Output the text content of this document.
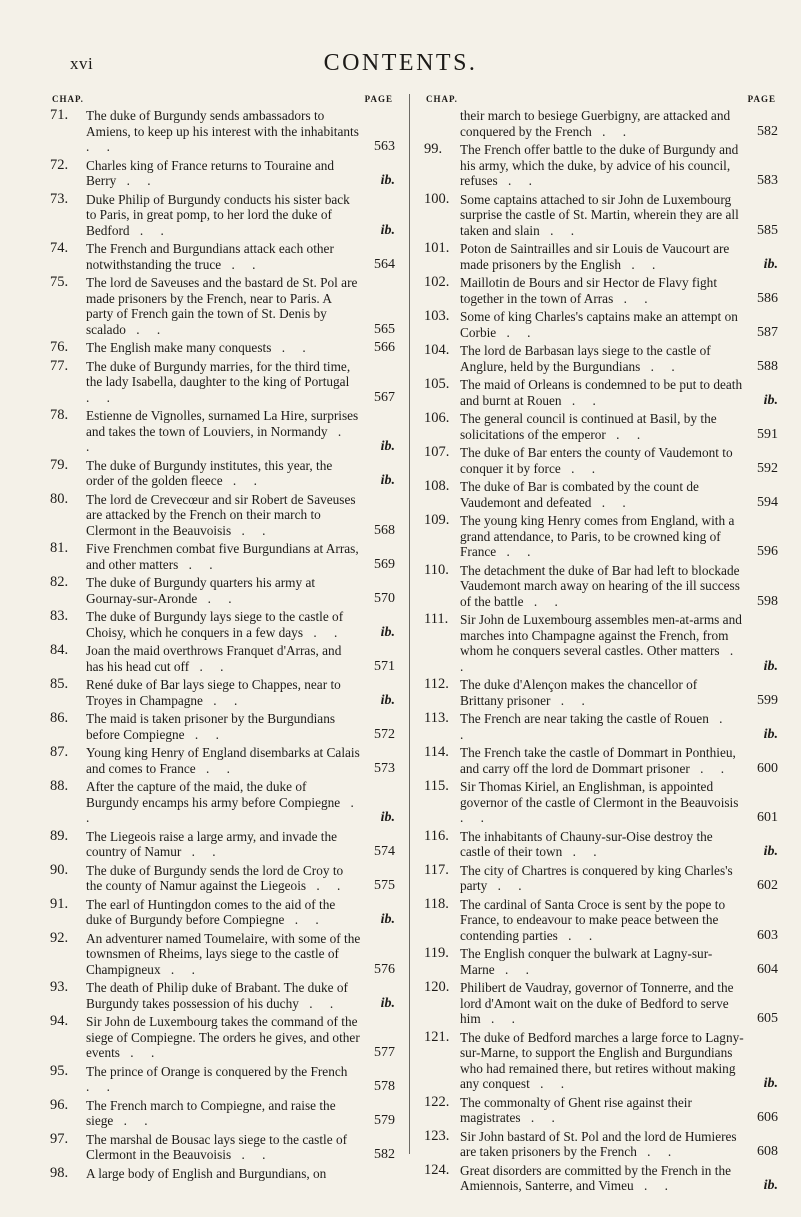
xvi	CONTENTS.
CHAP.	PAGE
71.	The duke of Burgundy sends ambassadors to Amiens, to keep up his interest with the inhabitants . .	563
72.	Charles king of France returns to Touraine and Berry . .	ib.
73.	Duke Philip of Burgundy conducts his sister back to Paris, in great pomp, to her lord the duke of Bedford . .	ib.
74.	The French and Burgundians attack each other notwithstanding the truce . .	564
75.	The lord de Saveuses and the bastard de St. Pol are made prisoners by the French, near to Paris. A party of French gain the town of St. Denis by scalado . .	565
76.	The English make many conquests . .	566
77.	The duke of Burgundy marries, for the third time, the lady Isabella, daughter to the king of Portugal . .	567
78.	Estienne de Vignolles, surnamed La Hire, surprises and takes the town of Louviers, in Normandy . .	ib.
79.	The duke of Burgundy institutes, this year, the order of the golden fleece . .	ib.
80.	The lord de Crevecœur and sir Robert de Saveuses are attacked by the French on their march to Clermont in the Beauvoisis . .	568
81.	Five Frenchmen combat five Burgundians at Arras, and other matters . .	569
82.	The duke of Burgundy quarters his army at Gournay-sur-Aronde . .	570
83.	The duke of Burgundy lays siege to the castle of Choisy, which he conquers in a few days . .	ib.
84.	Joan the maid overthrows Franquet d'Arras, and has his head cut off . .	571
85.	René duke of Bar lays siege to Chappes, near to Troyes in Champagne . .	ib.
86.	The maid is taken prisoner by the Burgundians before Compiegne . .	572
87.	Young king Henry of England disembarks at Calais and comes to France . .	573
88.	After the capture of the maid, the duke of Burgundy encamps his army before Compiegne . .	ib.
89.	The Liegeois raise a large army, and invade the country of Namur . .	574
90.	The duke of Burgundy sends the lord de Croy to the county of Namur against the Liegeois . .	575
91.	The earl of Huntingdon comes to the aid of the duke of Burgundy before Compiegne . .	ib.
92.	An adventurer named Toumelaire, with some of the townsmen of Rheims, lays siege to the castle of Champigneux . .	576
93.	The death of Philip duke of Brabant. The duke of Burgundy takes possession of his duchy . .	ib.
94.	Sir John de Luxembourg takes the command of the siege of Compiegne. The orders he gives, and other events . .	577
95.	The prince of Orange is conquered by the French . .	578
96.	The French march to Compiegne, and raise the siege . .	579
97.	The marshal de Bousac lays siege to the castle of Clermont in the Beauvoisis . .	582
98.	A large body of English and Burgundians, on
CHAP.	PAGE
their march to besiege Guerbigny, are attacked and conquered by the French . .	582
99.	The French offer battle to the duke of Burgundy and his army, which the duke, by advice of his council, refuses . .	583
100. Some captains attached to sir John de Luxembourg surprise the castle of St. Martin, wherein they are all taken and slain . .	585
101. Poton de Saintrailles and sir Louis de Vaucourt are made prisoners by the English . .	ib.
102. Maillotin de Bours and sir Hector de Flavy fight together in the town of Arras . .	586
103. Some of king Charles's captains make an attempt on Corbie . .	587
104. The lord de Barbasan lays siege to the castle of Anglure, held by the Burgundians . .	588
105. The maid of Orleans is condemned to be put to death and burnt at Rouen . .	ib.
106. The general council is continued at Basil, by the solicitations of the emperor . .	591
107. The duke of Bar enters the county of Vaudemont to conquer it by force . .	592
108. The duke of Bar is combated by the count de Vaudemont and defeated . .	594
109. The young king Henry comes from England, with a grand attendance, to Paris, to be crowned king of France . .	596
110. The detachment the duke of Bar had left to blockade Vaudemont march away on hearing of the ill success of the battle . .	598
111. Sir John de Luxembourg assembles men-at-arms and marches into Champagne against the French, from whom he conquers several castles. Other matters . .	ib.
112. The duke d'Alençon makes the chancellor of Brittany prisoner . .	599
113. The French are near taking the castle of Rouen . .	ib.
114. The French take the castle of Dommart in Ponthieu, and carry off the lord de Dommart prisoner . .	600
115. Sir Thomas Kiriel, an Englishman, is appointed governor of the castle of Clermont in the Beauvoisis . .	601
116. The inhabitants of Chauny-sur-Oise destroy the castle of their town . .	ib.
117. The city of Chartres is conquered by king Charles's party . .	602
118. The cardinal of Santa Croce is sent by the pope to France, to endeavour to make peace between the contending parties . .	603
119. The English conquer the bulwark at Lagny-sur-Marne . .	604
120. Philibert de Vaudray, governor of Tonnerre, and the lord d'Amont wait on the duke of Bedford to serve him . .	605
121. The duke of Bedford marches a large force to Lagny-sur-Marne, to support the English and Burgundians who had remained there, but retires without making any conquest . .	ib.
122. The commonalty of Ghent rise against their magistrates . .	606
123. Sir John bastard of St. Pol and the lord de Humieres are taken prisoners by the French . .	608
124. Great disorders are committed by the French in the Amiennois, Santerre, and Vimeu . .	ib.
